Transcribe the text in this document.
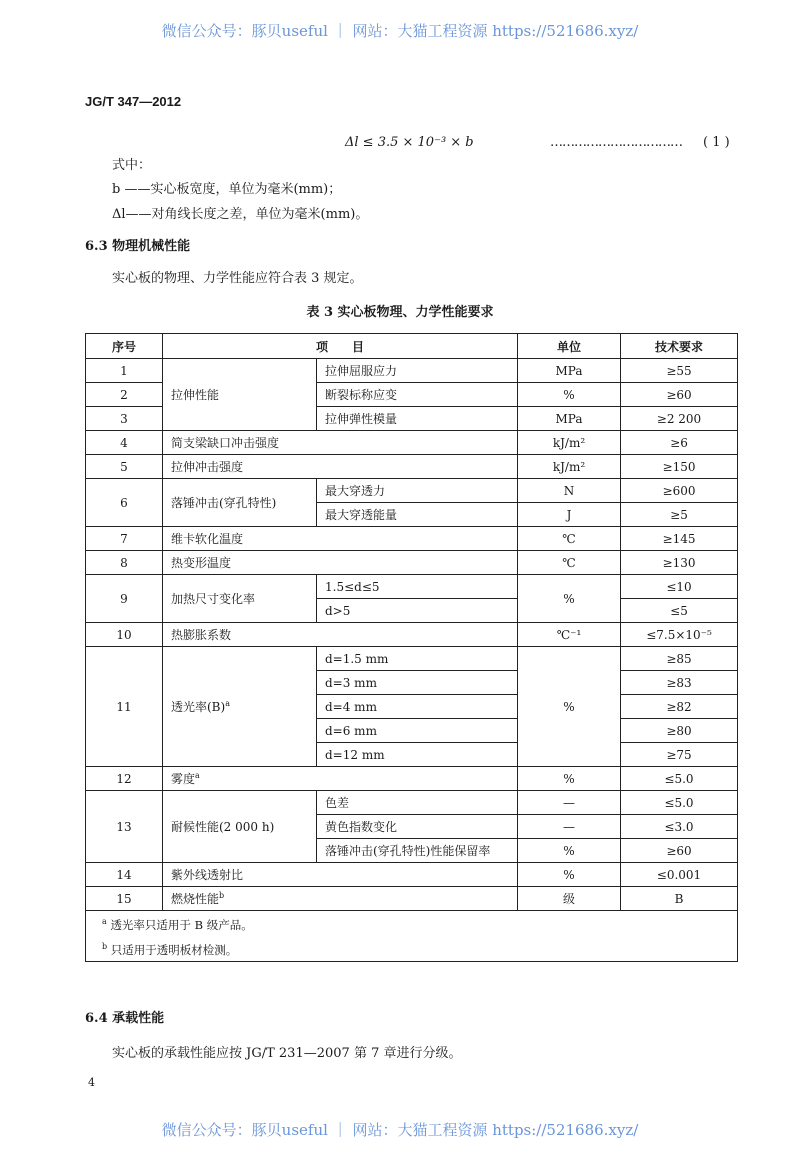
微信公众号：豚贝useful ｜ 网站：大猫工程资源 https://521686.xyz/
JG/T 347—2012
Δl ≤ 3.5 × 10⁻³ × b	…………………………… ( 1 )
式中：
b ——实心板宽度，单位为毫米(mm)；
Δl——对角线长度之差，单位为毫米(mm)。
6.3 物理机械性能
实心板的物理、力学性能应符合表 3 规定。
表 3 实心板物理、力学性能要求
序号	项　　目		单位	技术要求
1	拉伸性能	拉伸屈服应力	MPa	≥55
2		断裂标称应变	%	≥60
3		拉伸弹性模量	MPa	≥2 200
4	简支梁缺口冲击强度		kJ/m²	≥6
5	拉伸冲击强度		kJ/m²	≥150
6	落锤冲击(穿孔特性)	最大穿透力	N	≥600
		最大穿透能量	J	≥5
7	维卡软化温度		℃	≥145
8	热变形温度		℃	≥130
9	加热尺寸变化率	1.5≤d≤5	%	≤10
		d>5		≤5
10	热膨胀系数		℃⁻¹	≤7.5×10⁻⁵
11	透光率$(B)^a$	d=1.5 mm	%	≥85
		d=3 mm		≥83
		d=4 mm		≥82
		d=6 mm		≥80
		d=12 mm		≥75
12	雾度$^a$		%	≤5.0
13	耐候性能(2 000 h)	色差	—	≤5.0
		黄色指数变化	—	≤3.0
		落锤冲击(穿孔特性)性能保留率	%	≥60
14	紫外线透射比		%	≤0.001
15	燃烧性能$^b$		级	B

$^a$ 透光率只适用于 B 级产品。
$^b$ 只适用于透明板材检测。				
6.4 承载性能
实心板的承载性能应按 JG/T 231—2007 第 7 章进行分级。
4
微信公众号：豚贝useful ｜ 网站：大猫工程资源 https://521686.xyz/
